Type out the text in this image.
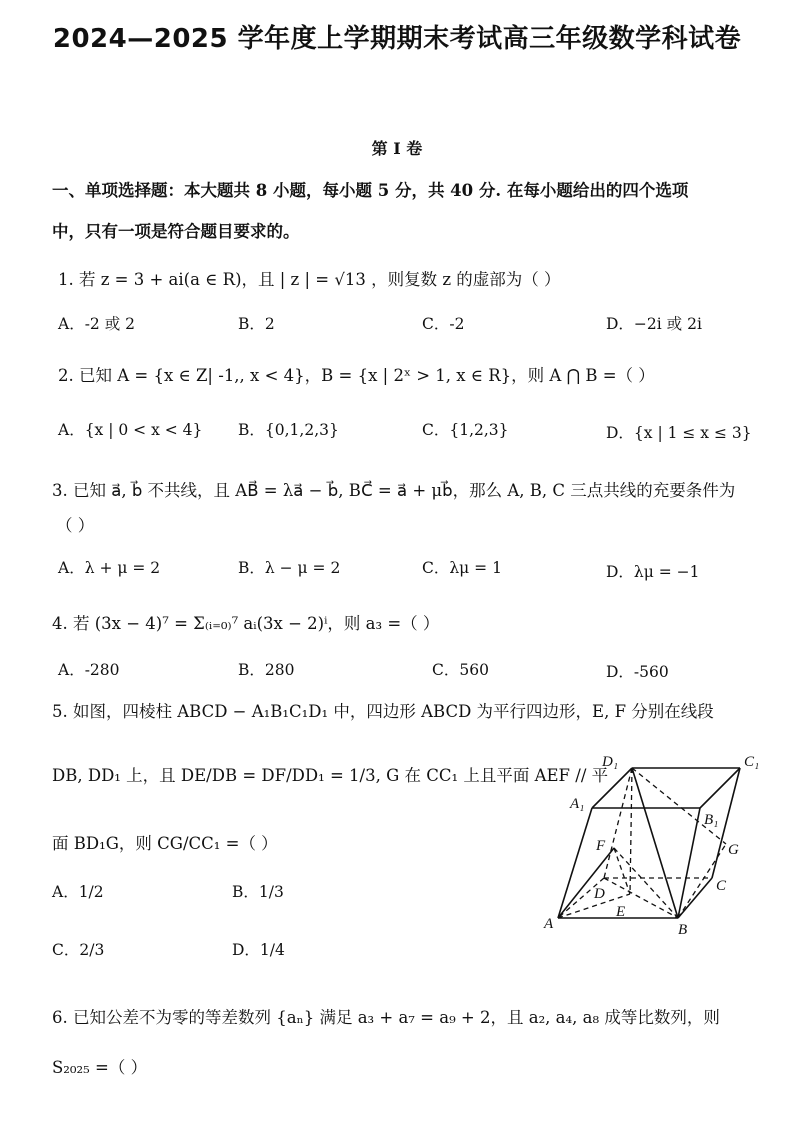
2024—2025 学年度上学期期末考试高三年级数学科试卷
第 I 卷
一、单项选择题：本大题共 8 小题，每小题 5 分，共 40 分. 在每小题给出的四个选项
中，只有一项是符合题目要求的。
1. 若 z = 3 + ai(a ∈ R)，且 | z | = √13 ，则复数 z 的虚部为（ ）
A．-2 或 2	B．2	C．-2	D．−2i 或 2i
2. 已知 A = {x ∈ Z| -1,, x < 4}，B = {x | 2ˣ > 1, x ∈ R}，则 A ⋂ B =（ ）
A．{x | 0 < x < 4} B．{0,1,2,3}	C．{1,2,3}	D．{x | 1 ≤ x ≤ 3}
3. 已知 a⃗, b⃗ 不共线，且 AB⃗ = λa⃗ − b⃗, BC⃗ = a⃗ + μb⃗，那么 A, B, C 三点共线的充要条件为
（ ）
A．λ + μ = 2	B．λ − μ = 2	C．λμ = 1	D．λμ = −1
4. 若 (3x − 4)⁷ = Σ₍ᵢ₌₀₎⁷ aᵢ(3x − 2)ⁱ，则 a₃ =（ ）
A．-280	B．280	C．560	D．-560
5. 如图，四棱柱 ABCD − A₁B₁C₁D₁ 中，四边形 ABCD 为平行四边形，E, F 分别在线段
DB, DD₁ 上，且 DE/DB = DF/DD₁ = 1/3, G 在 CC₁ 上且平面 AEF // 平
面 BD₁G，则 CG/CC₁ =（ ）
A．1/2	B．1/3
C．2/3	D．1/4
D₁	C₁
A₁
B₁
F	G
D	C
E
A	B
6. 已知公差不为零的等差数列 {aₙ} 满足 a₃ + a₇ = a₉ + 2，且 a₂, a₄, a₈ 成等比数列，则
S₂₀₂₅ =（ ）
